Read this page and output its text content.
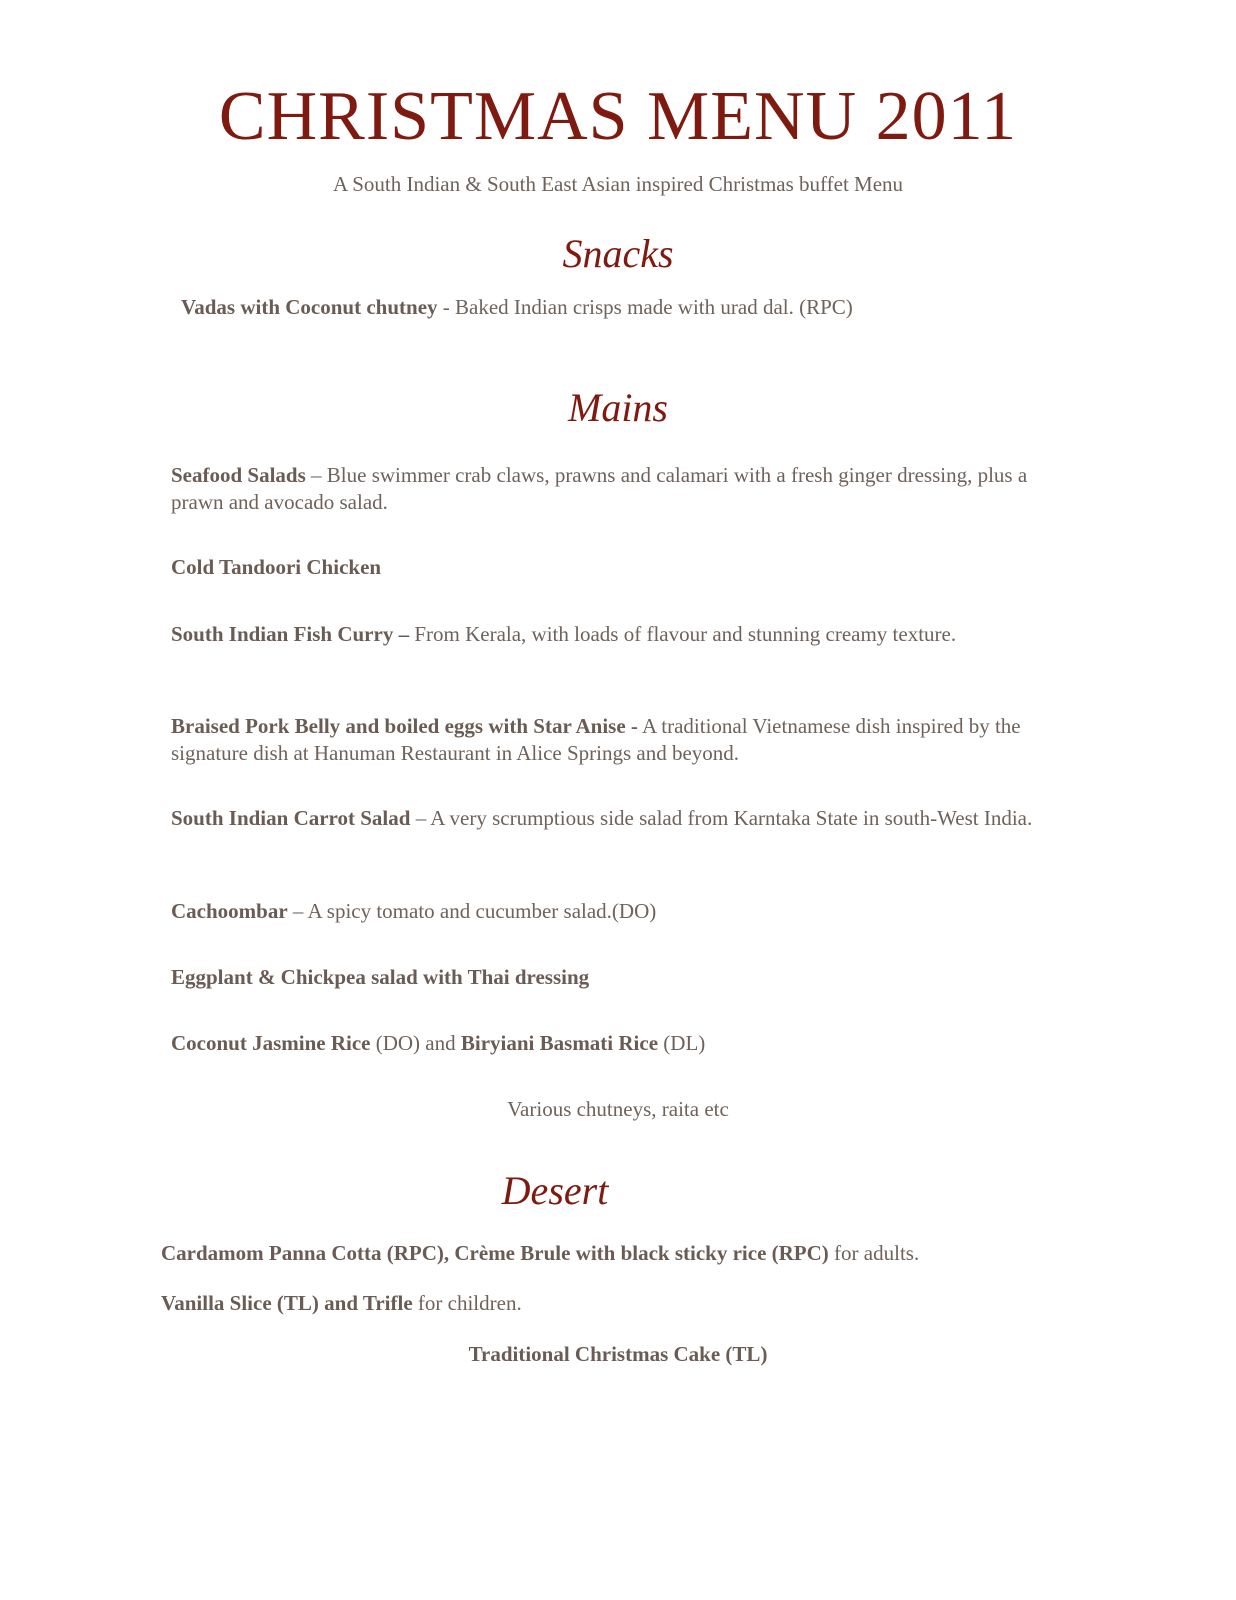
CHRISTMAS MENU 2011
A South Indian & South East Asian inspired Christmas buffet Menu
Snacks
Vadas with Coconut chutney - Baked Indian crisps made with urad dal. (RPC)
Mains
Seafood Salads – Blue swimmer crab claws, prawns and calamari with a fresh ginger dressing, plus a prawn and avocado salad.
Cold Tandoori Chicken
South Indian Fish Curry – From Kerala, with loads of flavour and stunning creamy texture.
Braised Pork Belly and boiled eggs with Star Anise - A traditional Vietnamese dish inspired by the signature dish at Hanuman Restaurant in Alice Springs and beyond.
South Indian Carrot Salad – A very scrumptious side salad from Karntaka State in south-West India.
Cachoombar – A spicy tomato and cucumber salad.(DO)
Eggplant & Chickpea salad with Thai dressing
Coconut Jasmine Rice (DO) and Biryiani Basmati Rice (DL)
Various chutneys, raita etc
Desert
Cardamom Panna Cotta (RPC), Crème Brule with black sticky rice (RPC) for adults.
Vanilla Slice (TL) and Trifle for children.
Traditional Christmas Cake (TL)
